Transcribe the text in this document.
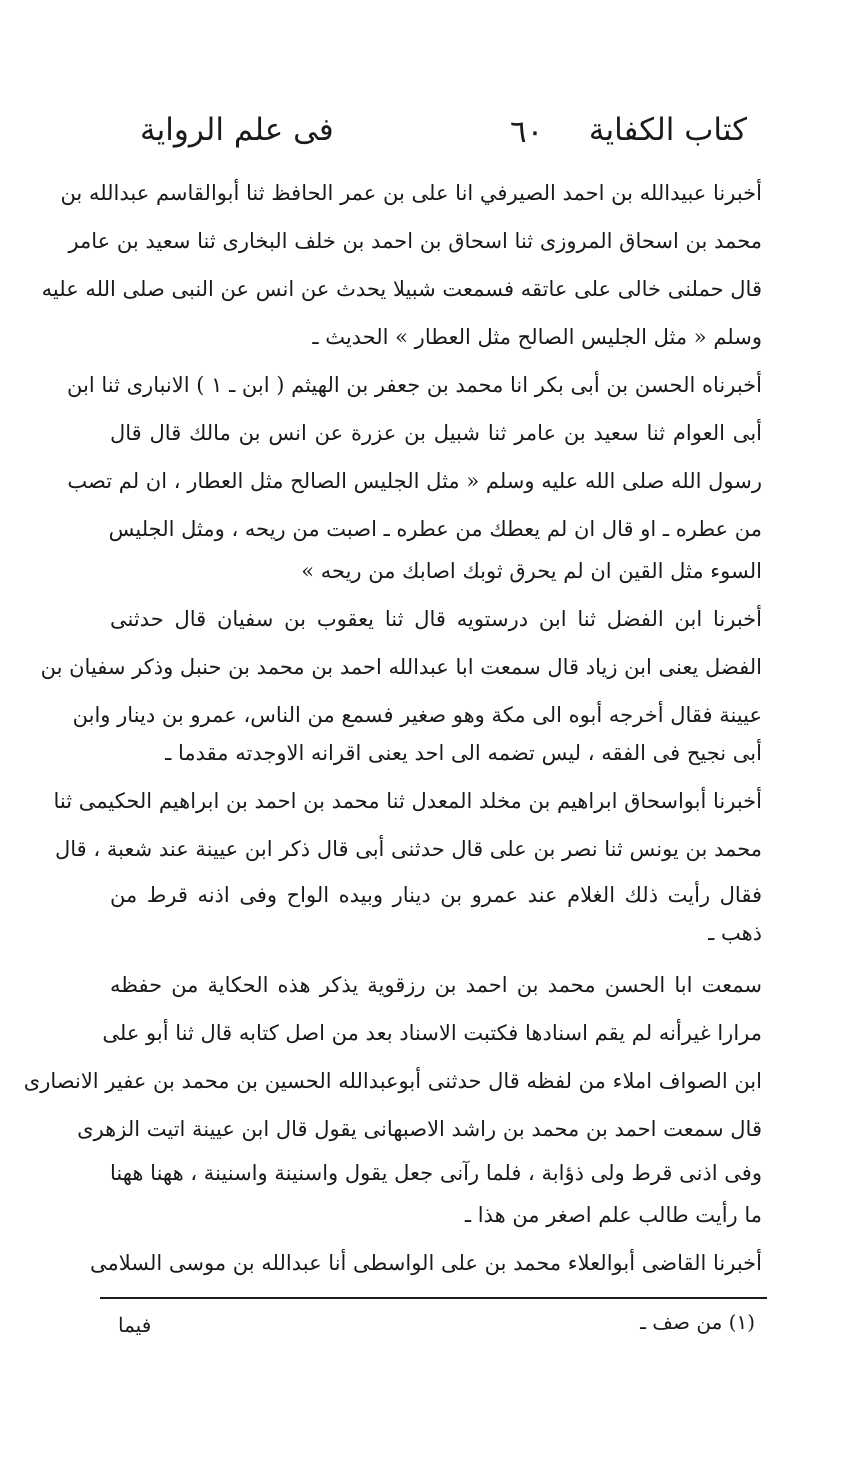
فى علم الرواية	٦٠ كتاب الكفاية
أخبرنا عبيدالله بن احمد الصيرفي انا على بن عمر الحافظ ثنا أبوالقاسم عبدالله بن
محمد بن اسحاق المروزى ثنا اسحاق بن احمد بن خلف البخارى ثنا سعيد بن عامر
قال حملنى خالى على عاتقه فسمعت شبيلا يحدث عن انس عن النبى صلى الله عليه
وسلم « مثل الجليس الصالح مثل العطار » الحديث ـ
أخبرناه الحسن بن أبى بكر انا محمد بن جعفر بن الهيثم ( ابن ـ ١ ) الانبارى ثنا ابن
أبى العوام ثنا سعيد بن عامر ثنا شبيل بن عزرة عن انس بن مالك قال قال
رسول الله صلى الله عليه وسلم « مثل الجليس الصالح مثل العطار ، ان لم تصب
من عطره ـ او قال ان لم يعطك من عطره ـ اصبت من ريحه ، ومثل الجليس
السوء مثل القين ان لم يحرق ثوبك اصابك من ريحه »
أخبرنا ابن الفضل ثنا ابن درستويه قال ثنا يعقوب بن سفيان قال حدثنى
الفضل يعنى ابن زياد قال سمعت ابا عبدالله احمد بن محمد بن حنبل وذكر سفيان بن
عيينة فقال أخرجه أبوه الى مكة وهو صغير فسمع من الناس، عمرو بن دينار وابن
أبى نجيح فى الفقه ، ليس تضمه الى احد يعنى اقرانه الاوجدته مقدما ـ
أخبرنا أبواسحاق ابراهيم بن مخلد المعدل ثنا محمد بن احمد بن ابراهيم الحكيمى ثنا
محمد بن يونس ثنا نصر بن على قال حدثنى أبى قال ذكر ابن عيينة عند شعبة ، قال
فقال رأيت ذلك الغلام عند عمرو بن دينار وبيده الواح وفى اذنه قرط من
ذهب ـ
سمعت ابا الحسن محمد بن احمد بن رزقوية يذكر هذه الحكاية من حفظه
مرارا غيرأنه لم يقم اسنادها فكتبت الاسناد بعد من اصل كتابه قال ثنا أبو على
ابن الصواف املاء من لفظه قال حدثنى أبوعبدالله الحسين بن محمد بن عفير الانصارى
قال سمعت احمد بن محمد بن راشد الاصبهانى يقول قال ابن عيينة اتيت الزهرى
وفى اذنى قرط ولى ذؤابة ، فلما رآنى جعل يقول واسنينة واسنينة ، ههنا ههنا
ما رأيت طالب علم اصغر من هذا ـ
أخبرنا القاضى أبوالعلاء محمد بن على الواسطى أنا عبدالله بن موسى السلامى
(١) من صف ـ
فيما
